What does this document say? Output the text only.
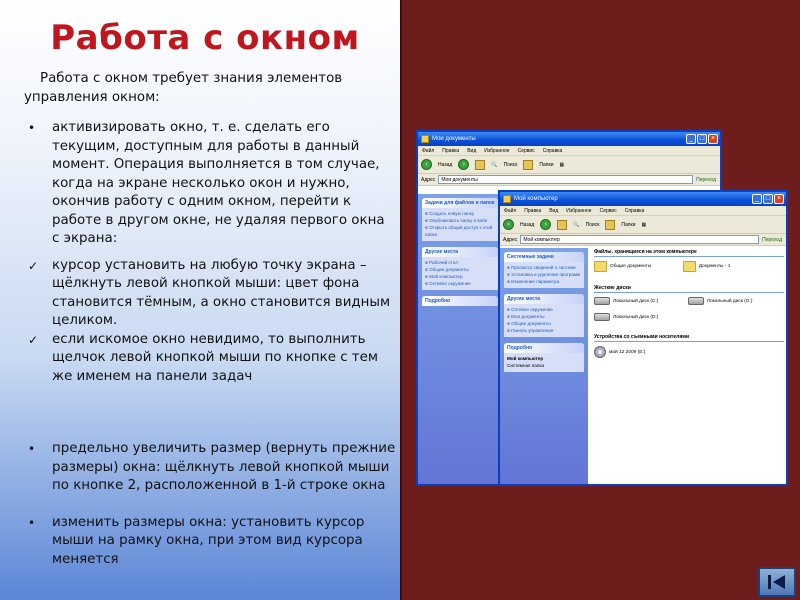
Работа с окном
Работа с окном требует знания элементов управления окном:
• активизировать окно, т. е. сделать его текущим, доступным для работы в данный момент. Операция выполняется в том случае, когда на экране несколько окон и нужно, окончив работу с одним окном, перейти к работе в другом окне, не удаляя первого окна с экрана:
✓ курсор установить на любую точку экрана – щёлкнуть левой кнопкой мыши: цвет фона становится тёмным, а окно становится видным целиком.
✓ если искомое окно невидимо, то выполнить щелчок левой кнопкой мыши по кнопке с тем же именем на панели задач
• предельно увеличить размер (вернуть прежние размеры) окна: щёлкнуть левой кнопкой мыши по кнопке 2, расположенной в 1-й строке окна
• изменить размеры окна: установить курсор мыши на рамку окна, при этом вид курсора меняется
Мои документы	_ □ ×
Файл Правка Вид Избранное Сервис Справка
‹	Назад	›	🔍 Поиск	Папки ▦
Адрес	Мои документы	Переход
Задачи для файлов и папок
■ Создать новую папку
■ Опубликовать папку в вебе
■ Открыть общий доступ к этой папке
Другие места
■ Рабочий стол
■ Общие документы
■ Мой компьютер
■ Сетевое окружение
Подробно
Мой компьютер	_ □ ×
Файл Правка Вид Избранное Сервис Справка
‹	Назад	›	🔍 Поиск	Папки ▦
Адрес	Мой компьютер	Переход
Системные задачи
■ Просмотр сведений о системе
■ Установка и удаление программ
■ Изменение параметра
Другие места
■ Сетевое окружение
■ Мои документы
■ Общие документы
■ Панель управления
Подробно
Мой компьютер
Системная папка
Файлы, хранящиеся на этом компьютере
Общие документы
	Документы - 1
Жесткие диски
Локальный диск (C:)
	Локальный диск (G:)

Локальный диск (D:)
Устройства со съемными носителями
май 12 2009 (E:)
